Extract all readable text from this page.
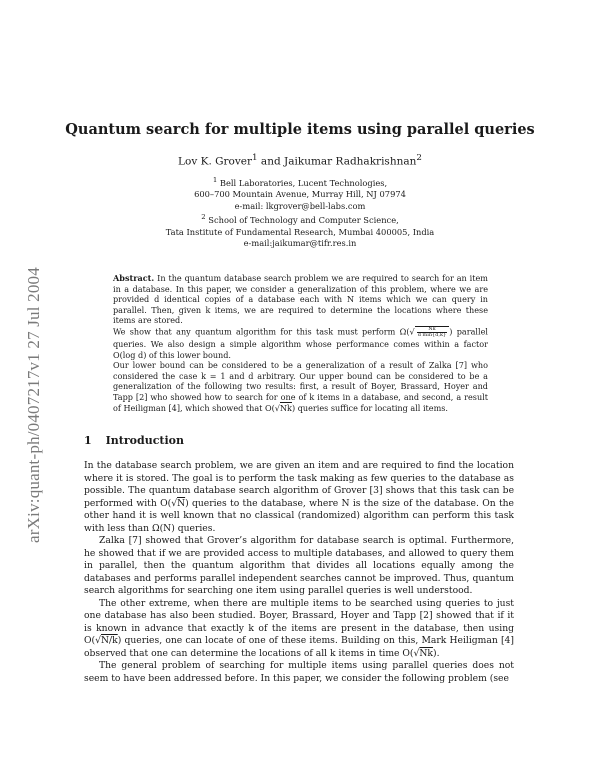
arXiv:quant-ph/0407217v1 27 Jul 2004
Quantum search for multiple items using parallel queries
Lov K. Grover$^1$ and Jaikumar Radhakrishnan$^2$
$^1$ Bell Laboratories, Lucent Technologies,
600–700 Mountain Avenue, Murray Hill, NJ 07974
e-mail: lkgrover@bell-labs.com
$^2$ School of Technology and Computer Science,
Tata Institute of Fundamental Research, Mumbai 400005, India
e-mail:jaikumar@tifr.res.in

Abstract. In the quantum database search problem we are required to search for an item in a database. In this paper, we consider a generalization of this problem, where we are provided d identical copies of a database each with N items which we can query in parallel. Then, given k items, we are required to determine the locations where these items are stored.

We show that any quantum algorithm for this task must perform $\Omega(√ \frac{Nk}{\text{d min\{d,k\}}}$ ) parallel queries. We also design a simple algorithm whose performance comes within a factor O(log d) of this lower bound.

Our lower bound can be considered to be a generalization of a result of Zalka [7] who considered the case k = 1 and d arbitrary. Our upper bound can be considered to be a generalization of the following two results: first, a result of Boyer, Brassard, Hoyer and Tapp [2] who showed how to search for one of k items in a database, and second, a result of Heiligman [4], which showed that O(√Nk) queries suffice for locating all items.

1 Introduction

In the database search problem, we are given an item and are required to find the location where it is stored. The goal is to perform the task making as few queries to the database as possible. The quantum database search algorithm of Grover [3] shows that this task can be performed with O(√N) queries to the database, where N is the size of the database. On the other hand it is well known that no classical (randomized) algorithm can perform this task with less than Ω(N) queries.

Zalka [7] showed that Grover’s algorithm for database search is optimal. Furthermore, he showed that if we are provided access to multiple databases, and allowed to query them in parallel, then the quantum algorithm that divides all locations equally among the databases and performs parallel independent searches cannot be improved. Thus, quantum search algorithms for searching one item using parallel queries is well understood.

The other extreme, when there are multiple items to be searched using queries to just one database has also been studied. Boyer, Brassard, Hoyer and Tapp [2] showed that if it is known in advance that exactly k of the items are present in the database, then using O(√N/k) queries, one can locate of one of these items. Building on this, Mark Heiligman [4] observed that one can determine the locations of all k items in time O(√Nk).

The general problem of searching for multiple items using parallel queries does not seem to have been addressed before. In this paper, we consider the following problem (see
